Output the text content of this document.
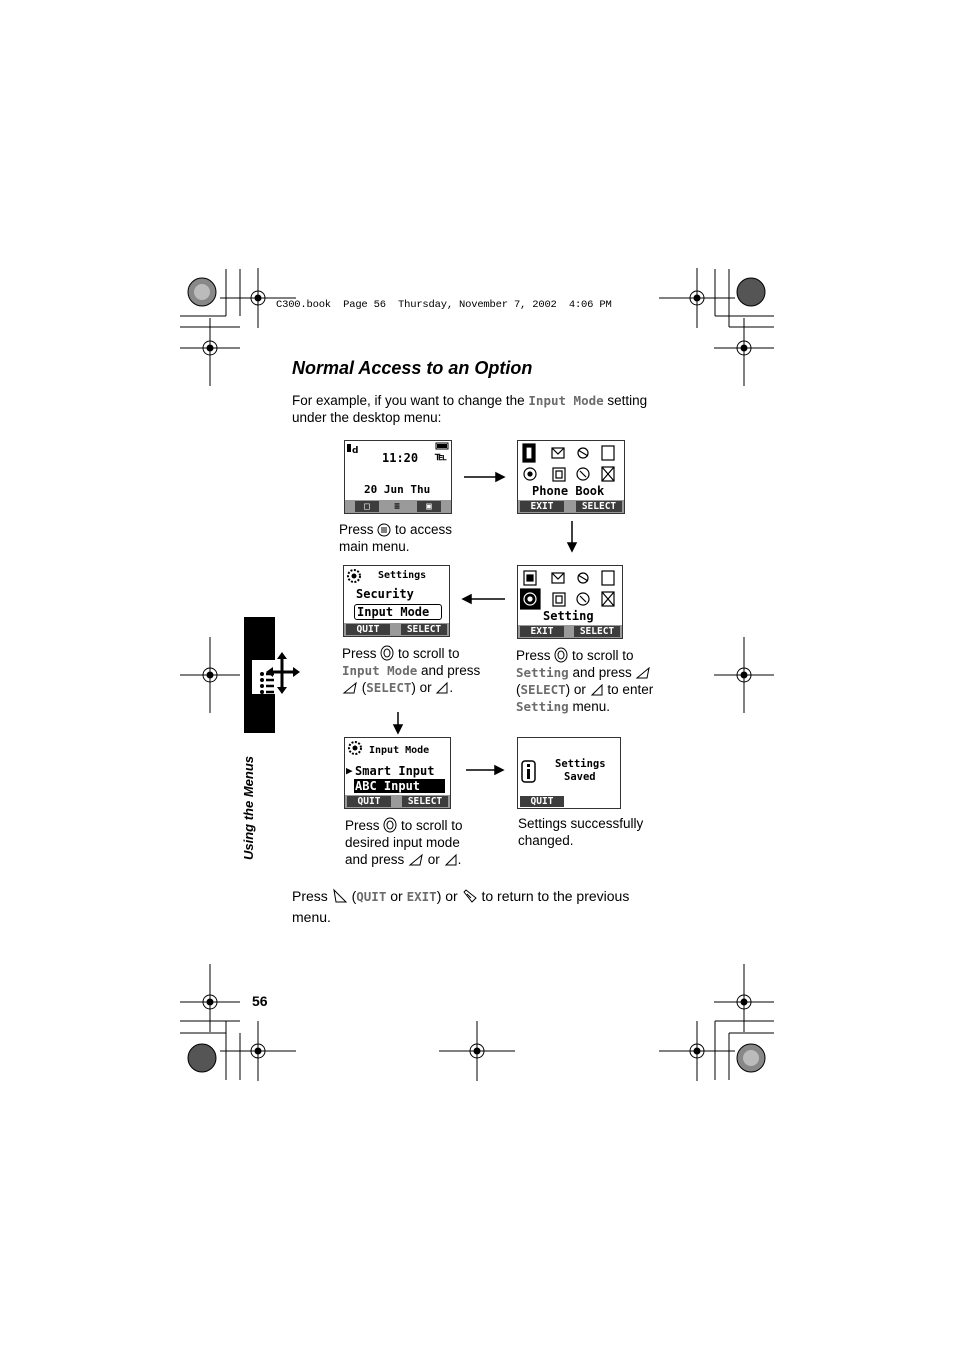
C300.book  Page 56  Thursday, November 7, 2002  4:06 PM
Normal Access to an Option
For example, if you want to change the Input Mode setting
under the desktop menu:
d 11:20 ℡
20 Jun Thu
□	≡	▣
Phone Book
EXIT	SELECT
Press  to access
main menu.
Setting
EXIT	SELECT
Settings
Security
Input Mode
QUIT	SELECT
Press  to scroll to
Input Mode and press
(SELECT) or .
Press  to scroll to
Setting and press
(SELECT) or  to enter
Setting menu.
Input Mode
▶ Smart Input
ABC Input
QUIT	SELECT
Settings
Saved
QUIT
Press  to scroll to
desired input mode
and press  or .
Settings successfully
changed.
Press  (QUIT or EXIT) or  to return to the previous
menu.
Using the Menus
56
